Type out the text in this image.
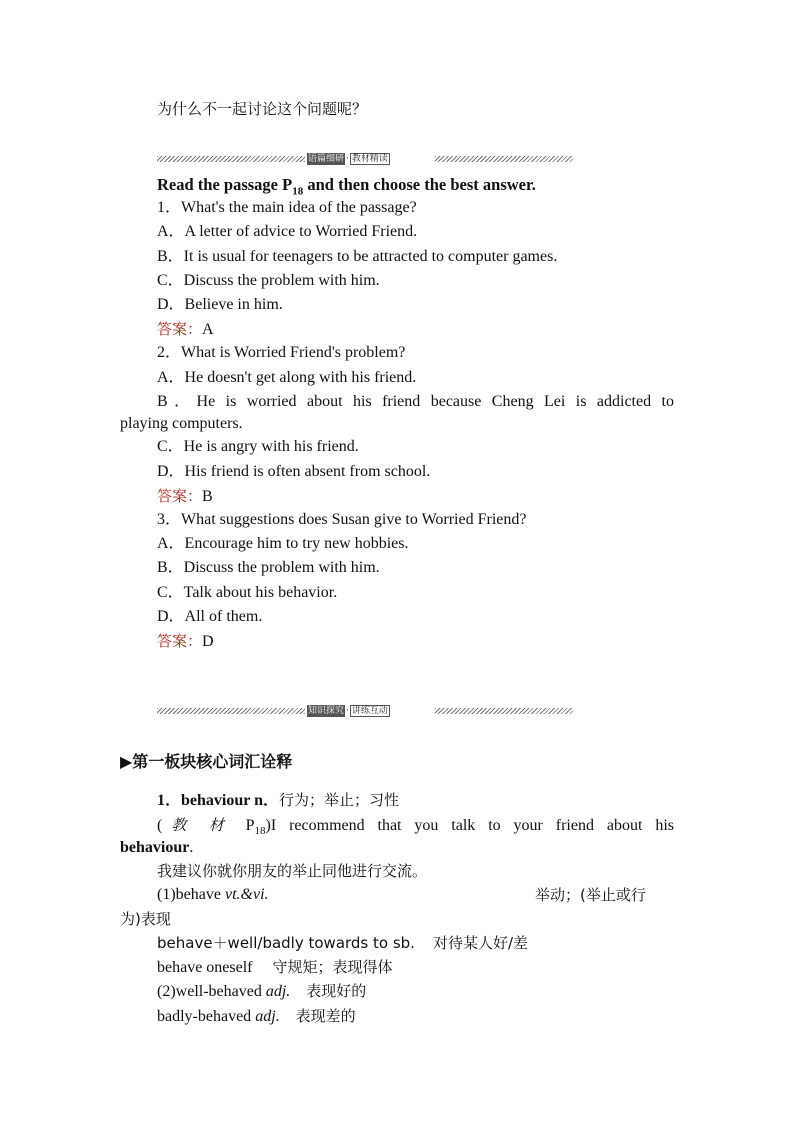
为什么不一起讨论这个问题呢？
语篇细研 · 教材精读
Read the passage $P_{18}$ and then choose the best answer.
1．What's the main idea of the passage?
A．A letter of advice to Worried Friend.
B．It is usual for teenagers to be attracted to computer games.
C．Discuss the problem with him.
D．Believe in him.
答案：A
2．What is Worried Friend's problem?
A．He doesn't get along with his friend.
B．He is worried about his friend because Cheng Lei is addicted to
playing computers.
C．He is angry with his friend.
D．His friend is often absent from school.
答案：B
3．What suggestions does Susan give to Worried Friend?
A．Encourage him to try new hobbies.
B．Discuss the problem with him.
C．Talk about his behavior.
D．All of them.
答案：D
知识探究 · 讲练互动
▶第一板块核心词汇诠释
1．behaviour n．行为；举止；习性
(教 材 $P_{18})I$ recommend that you talk to your friend about his
behaviour.
我建议你就你朋友的举止同他进行交流。
(1)behave vt.&vi.	举动；(举止或行
为)表现
behave＋well/badly towards to sb. 对待某人好/差
behave oneself 守规矩；表现得体
(2)well-behaved adj. 表现好的
badly-behaved adj. 表现差的
